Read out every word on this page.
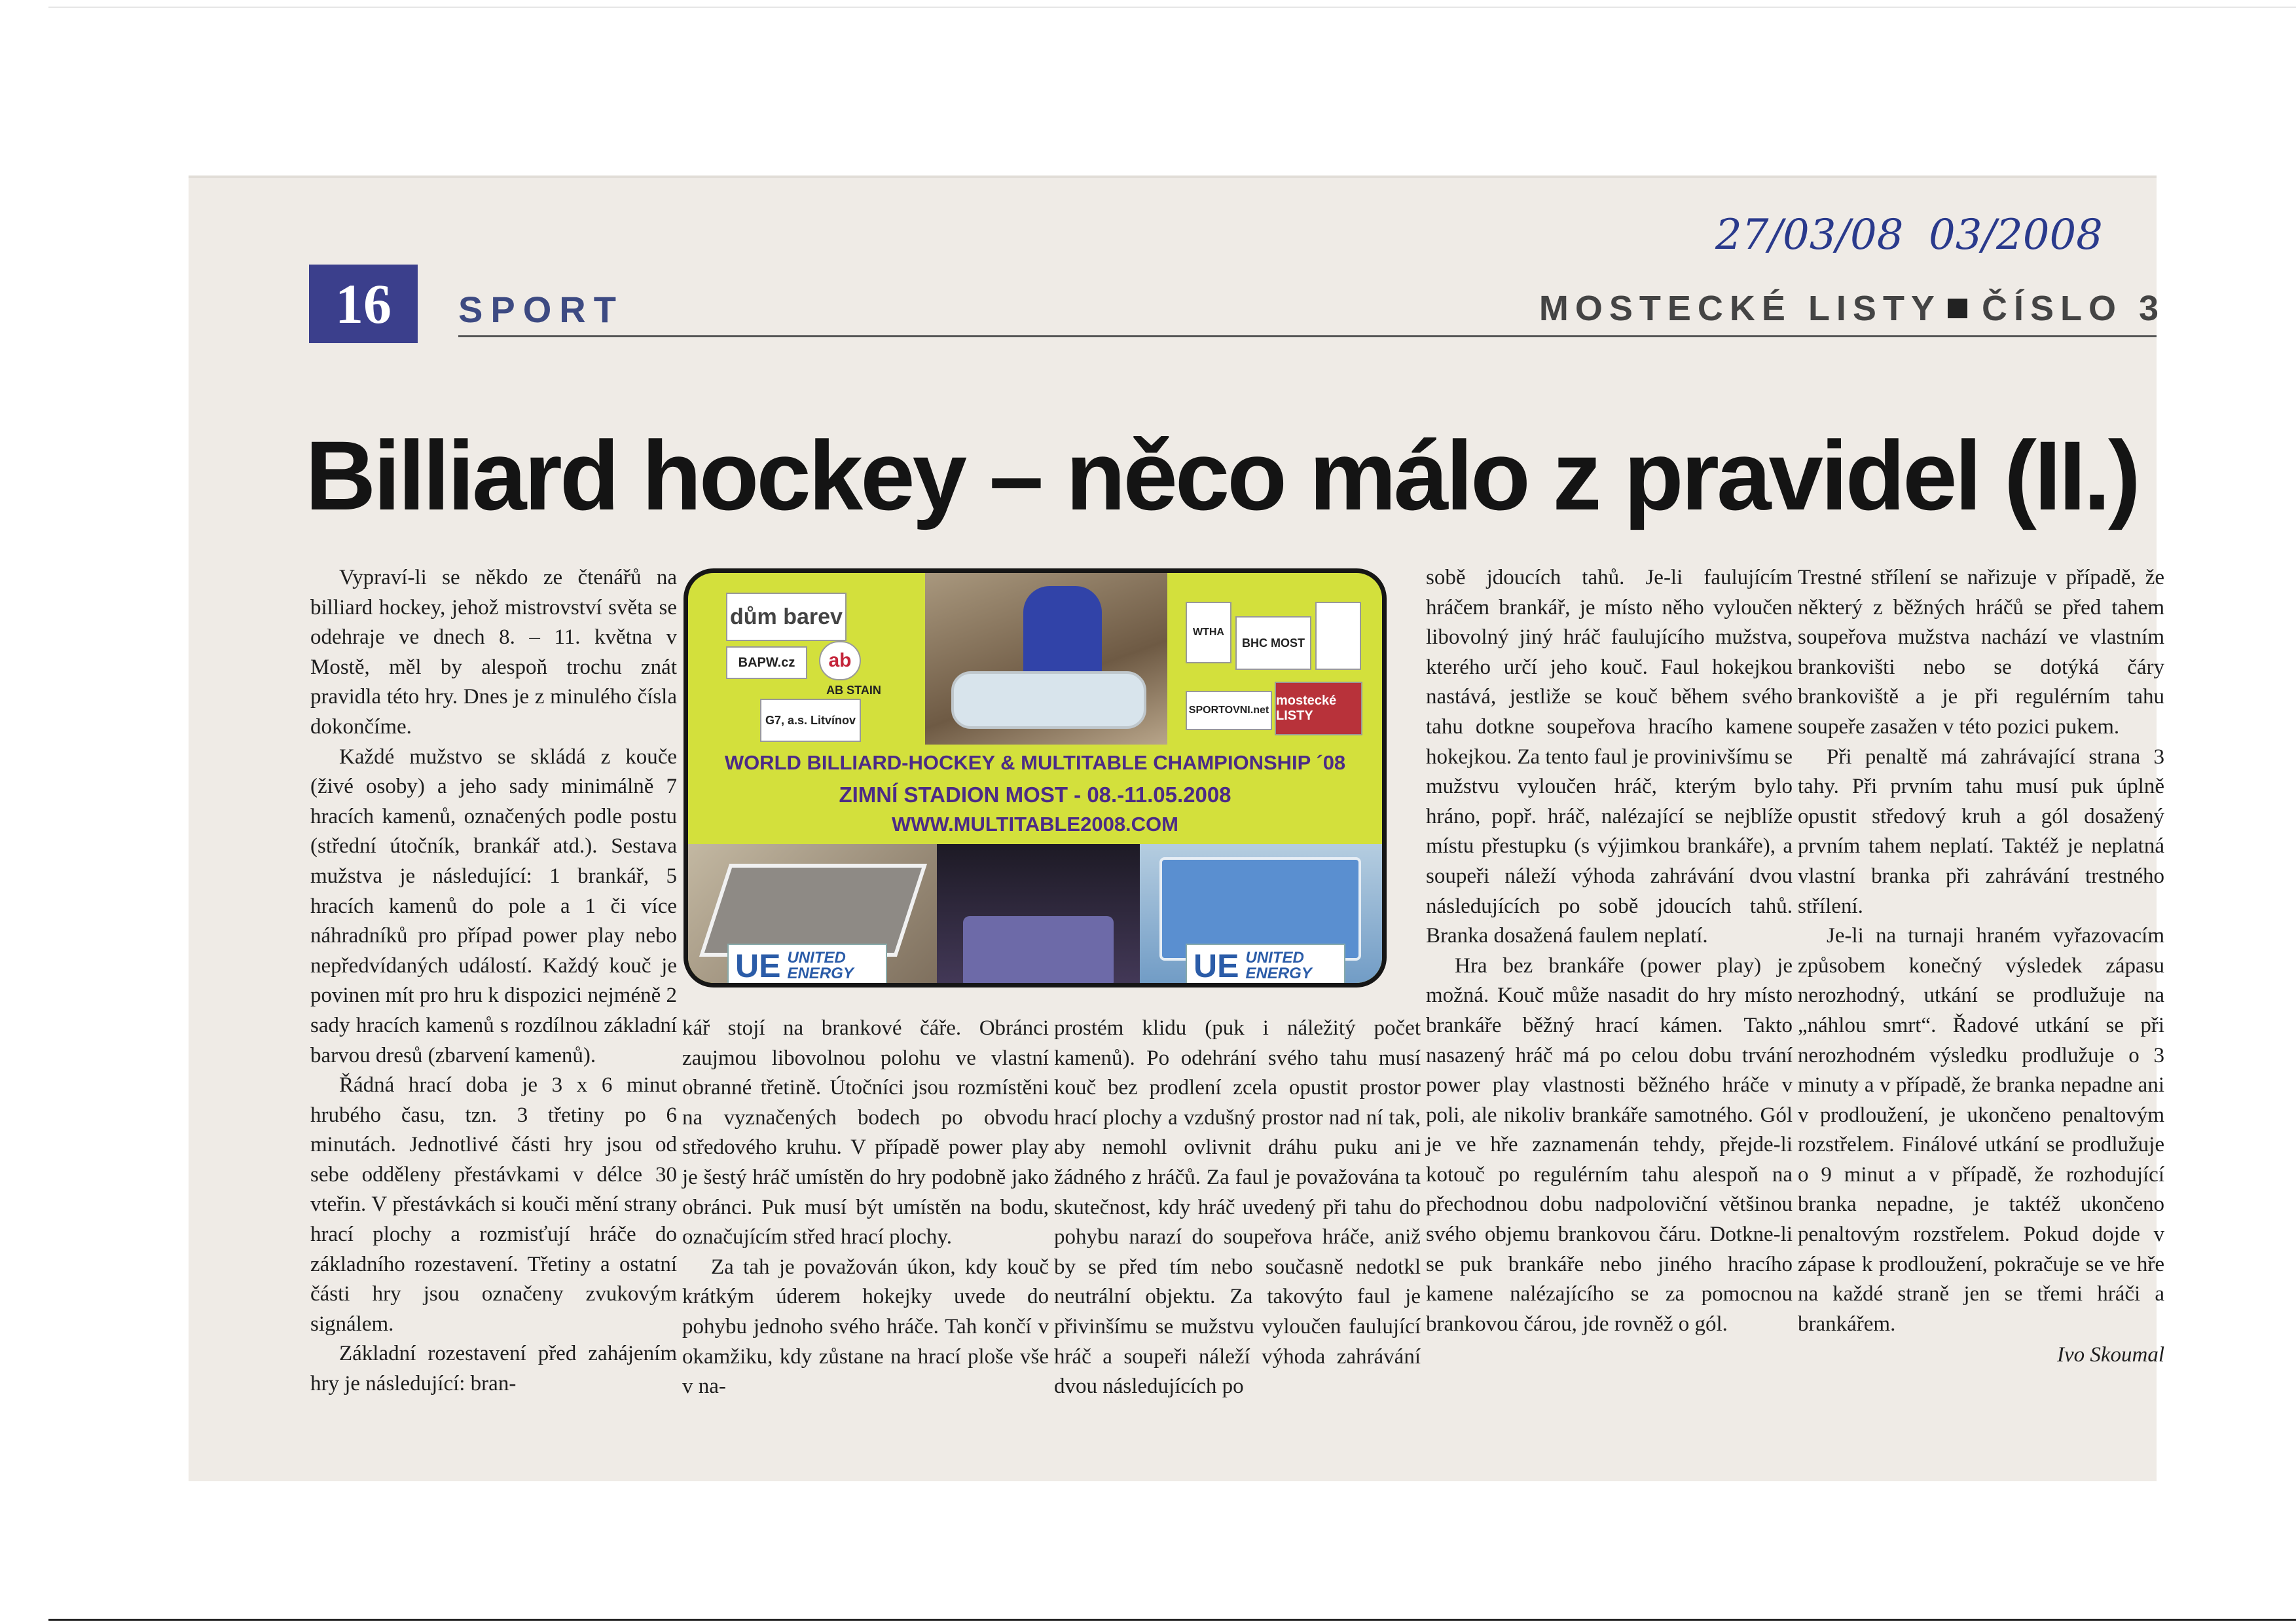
27/03/08 03/2008
16	SPORT	MOSTECKÉ LISTY ČÍSLO 3
Billiard hockey – něco málo z pravidel (II.)
dům barev
BAPW.cz	ab
AB STAIN
G7, a.s. Litvínov
WTHA
BHC MOST
SPORTOVNI.net
mostecké LISTY
WORLD BILLIARD-HOCKEY & MULTITABLE CHAMPIONSHIP ´08
ZIMNÍ STADION MOST - 08.-11.05.2008
WWW.MULTITABLE2008.COM
UE UNITED
ENERGY	UE UNITED
ENERGY

Vypraví-li se někdo ze čtenářů na billiard hockey, jehož mistrovství světa se odehraje ve dnech 8. – 11. května v Mostě, měl by alespoň trochu znát pravidla této hry. Dnes je z minulého čísla dokončíme.

Každé mužstvo se skládá z kouče (živé osoby) a jeho sady minimálně 7 hracích kamenů, označených podle postu (střední útočník, brankář atd.). Sestava mužstva je následující: 1 brankář, 5 hracích kamenů do pole a 1 či více náhradníků pro případ power play nebo nepředvídaných událostí. Každý kouč je povinen mít pro hru k dispozici nejméně 2 sady hracích kamenů s rozdílnou základní barvou dresů (zbarvení kamenů).

Řádná hrací doba je 3 x 6 minut hrubého času, tzn. 3 třetiny po 6 minutách. Jednotlivé části hry jsou od sebe odděleny přestávkami v délce 30 vteřin. V přestávkách si kouči mění strany hrací plochy a rozmisťují hráče do základního rozestavení. Třetiny a ostatní části hry jsou označeny zvukovým signálem.

Základní rozestavení před zahájením hry je následující: bran-

kář stojí na brankové čáře. Obránci zaujmou libovolnou polohu ve vlastní obranné třetině. Útočníci jsou rozmístěni na vyznačených bodech po obvodu středového kruhu. V případě power play je šestý hráč umístěn do hry podobně jako obránci. Puk musí být umístěn na bodu, označujícím střed hrací plochy.

Za tah je považován úkon, kdy kouč krátkým úderem hokejky uvede do pohybu jednoho svého hráče. Tah končí v okamžiku, kdy zůstane na hrací ploše vše v na-

prostém klidu (puk i náležitý počet kamenů). Po odehrání svého tahu musí kouč bez prodlení zcela opustit prostor hrací plochy a vzdušný prostor nad ní tak, aby nemohl ovlivnit dráhu puku ani žádného z hráčů. Za faul je považována ta skutečnost, kdy hráč uvedený při tahu do pohybu narazí do soupeřova hráče, aniž by se před tím nebo současně nedotkl neutrální objektu. Za takovýto faul je přivinšímu se mužstvu vyloučen faulující hráč a soupeři náleží výhoda zahrávání dvou následujících po

sobě jdoucích tahů. Je-li faulujícím hráčem brankář, je místo něho vyloučen libovolný jiný hráč faulujícího mužstva, kterého určí jeho kouč. Faul hokejkou nastává, jestliže se kouč během svého tahu dotkne soupeřova hracího kamene hokejkou. Za tento faul je provinivšímu se mužstvu vyloučen hráč, kterým bylo hráno, popř. hráč, nalézající se nejblíže místu přestupku (s výjimkou brankáře), a soupeři náleží výhoda zahrávání dvou následujících po sobě jdoucích tahů. Branka dosažená faulem neplatí.

Hra bez brankáře (power play) je možná. Kouč může nasadit do hry místo brankáře běžný hrací kámen. Takto nasazený hráč má po celou dobu trvání power play vlastnosti běžného hráče v poli, ale nikoliv brankáře samotného. Gól je ve hře zaznamenán tehdy, přejde-li kotouč po regulérním tahu alespoň na přechodnou dobu nadpoloviční většinou svého objemu brankovou čáru. Dotkne-li se puk brankáře nebo jiného hracího kamene nalézajícího se za pomocnou brankovou čárou, jde rovněž o gól.

Trestné střílení se nařizuje v případě, že některý z běžných hráčů se před tahem soupeřova mužstva nachází ve vlastním brankovišti nebo se dotýká čáry brankoviště a je při regulérním tahu soupeře zasažen v této pozici pukem.

Při penaltě má zahrávající strana 3 tahy. Při prvním tahu musí puk úplně opustit středový kruh a gól dosažený prvním tahem neplatí. Taktéž je neplatná vlastní branka při zahrávání trestného střílení.

Je-li na turnaji hraném vyřazovacím způsobem konečný výsledek zápasu nerozhodný, utkání se prodlužuje na „náhlou smrt“. Řadové utkání se při nerozhodném výsledku prodlužuje o 3 minuty a v případě, že branka nepadne ani v prodloužení, je ukončeno penaltovým rozstřelem. Finálové utkání se prodlužuje o 9 minut a v případě, že rozhodující branka nepadne, je taktéž ukončeno penaltovým rozstřelem. Pokud dojde v zápase k prodloužení, pokračuje se ve hře na každé straně jen se třemi hráči a brankářem.

Ivo Skoumal
